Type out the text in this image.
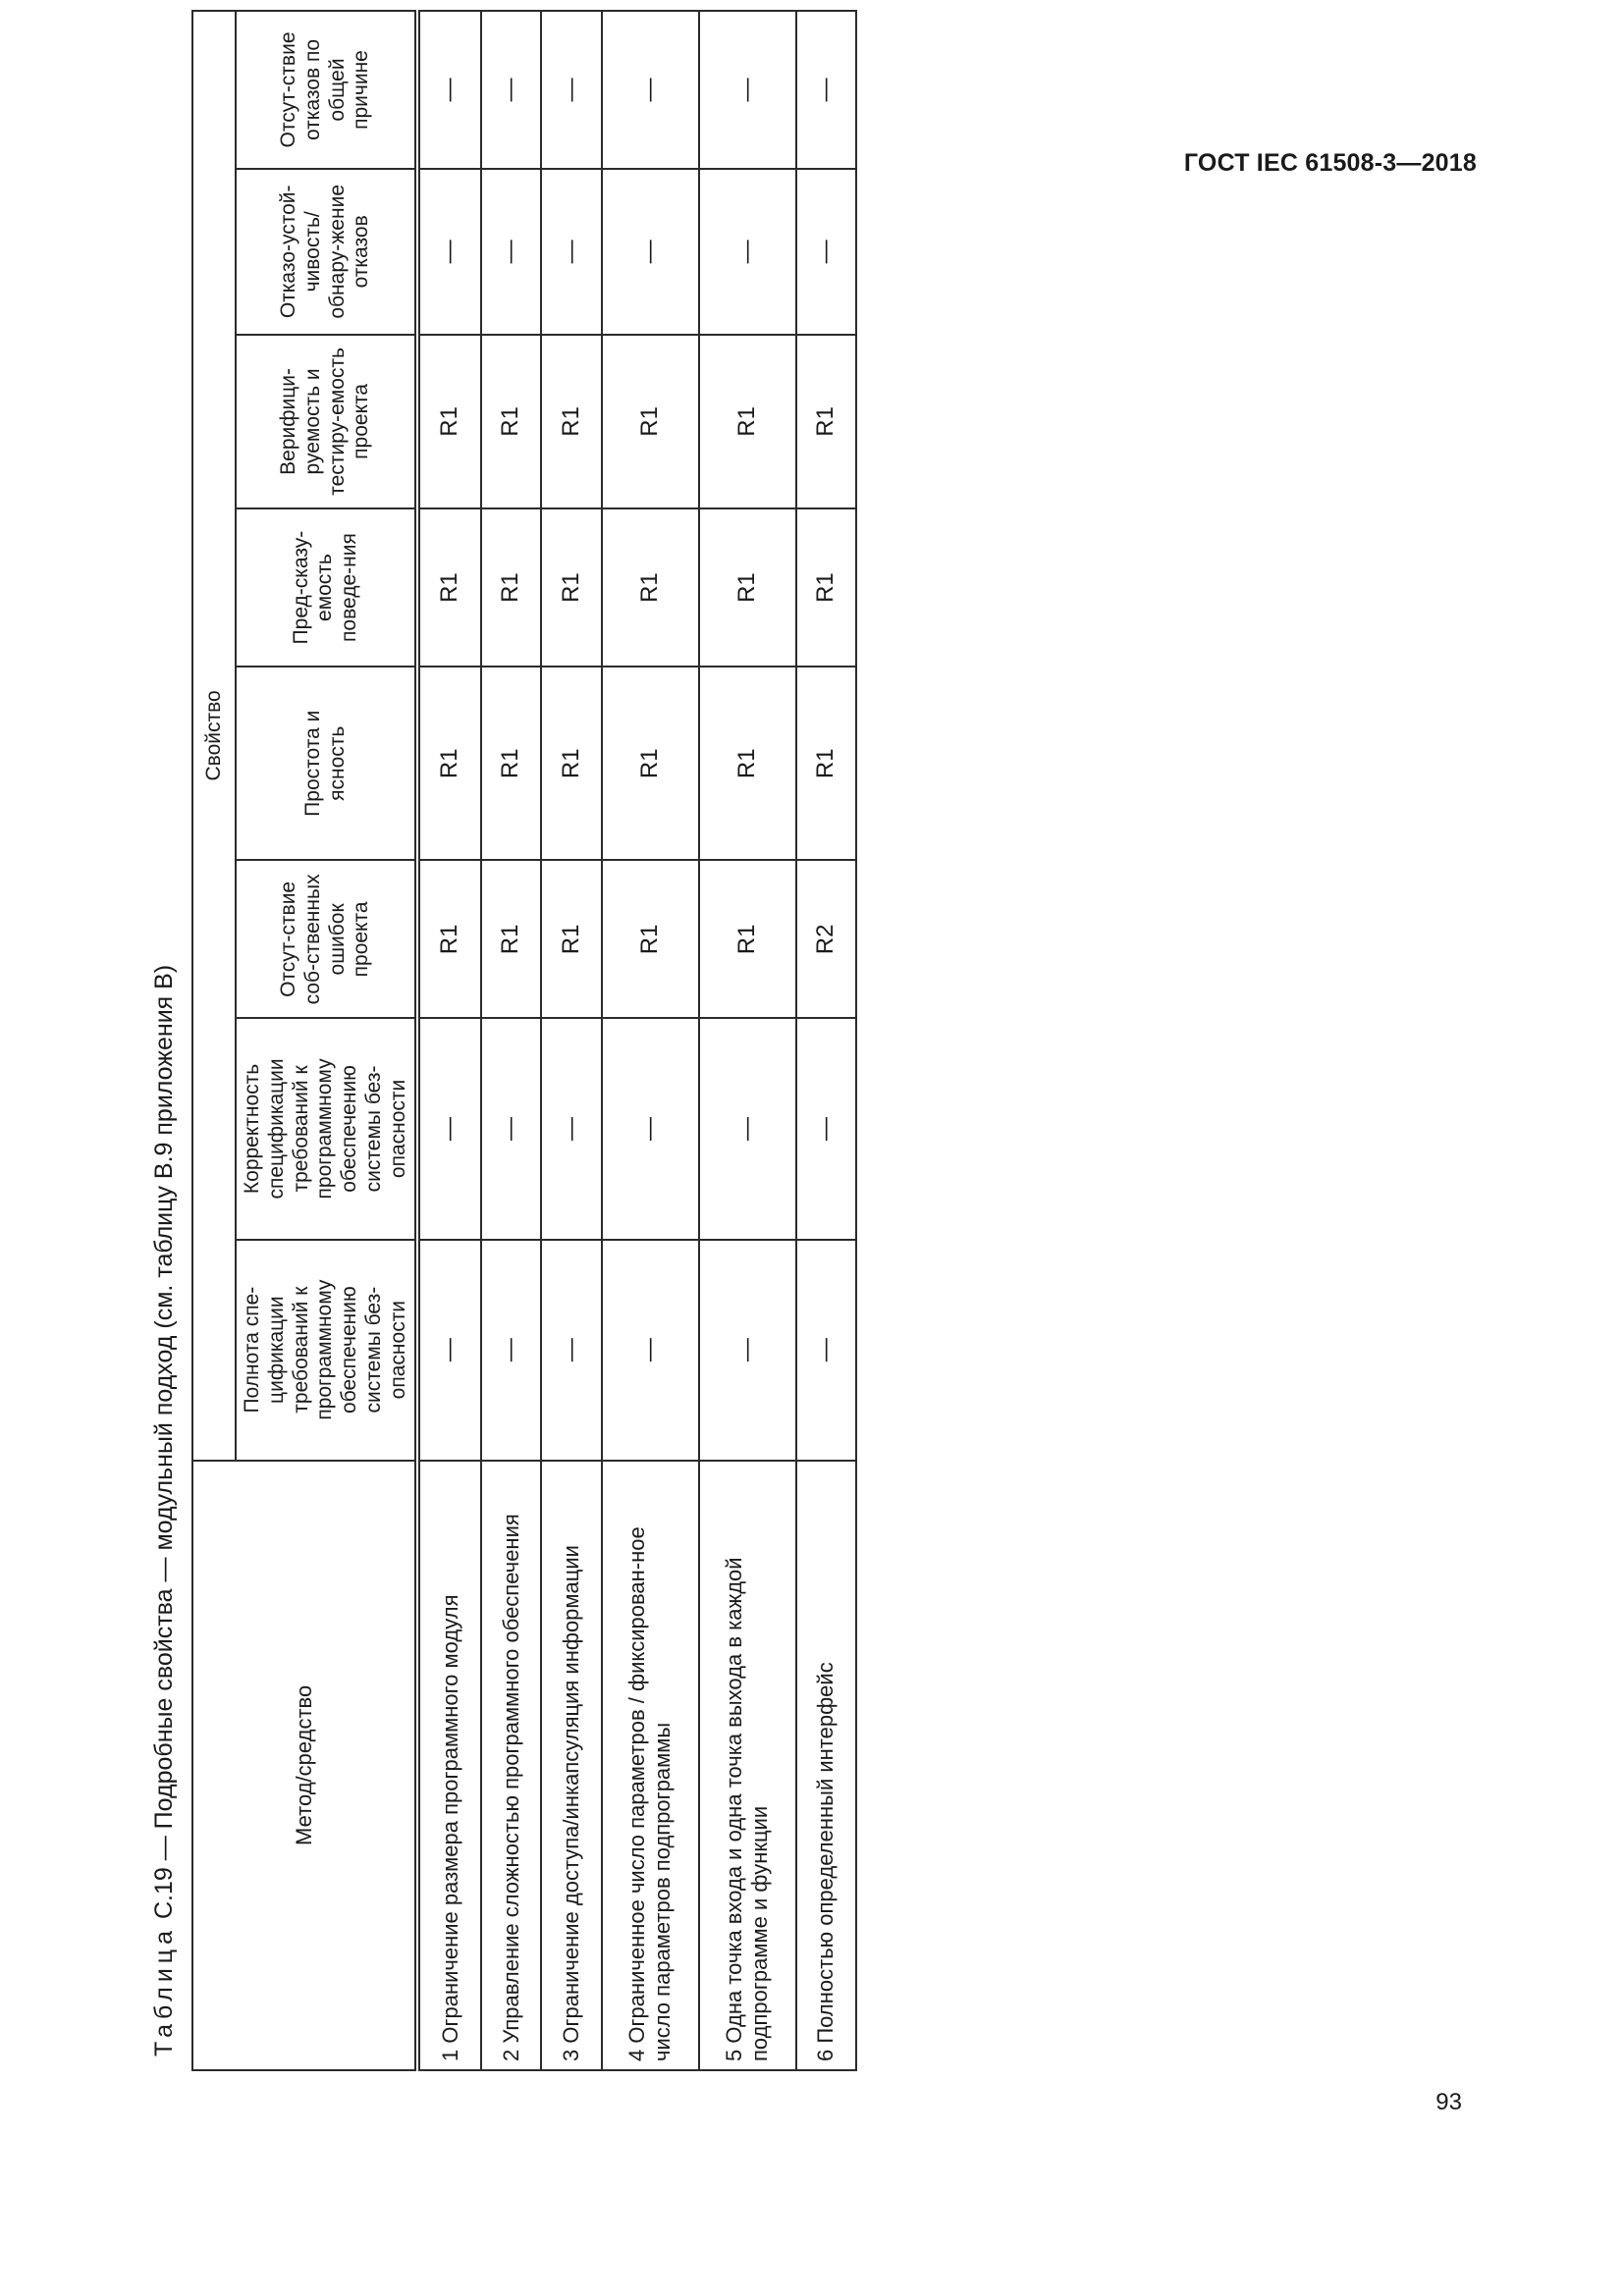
ГОСТ IEC 61508-3—2018
Таблица С.19 — Подробные свойства — модульный подход (см. таблицу В.9 приложения В)	Метод/средство	Свойство							
	Полнота спе-цификации требований к программному обеспечению системы без-опасности	Корректность спецификации требований к программному обеспечению системы без-опасности	Отсут-ствие соб-ственных ошибок проекта	Простота и ясность	Пред-сказу-емость поведе-ния	Верифици-руемость и тестиру-емость проекта	Отказо-устой-чивость/ обнару-жение отказов	Отсут-ствие отказов по общей причине
1 Ограничение размера программного модуля	—	—	R1	R1	R1	R1	—	—
2 Управление сложностью программного обеспечения	—	—	R1	R1	R1	R1	—	—
3 Ограничение доступа/инкапсуляция информации	—	—	R1	R1	R1	R1	—	—
4 Ограниченное число параметров / фиксирован-ное число параметров подпрограммы	—	—	R1	R1	R1	R1	—	—
5 Одна точка входа и одна точка выхода в каждой подпрограмме и функции	—	—	R1	R1	R1	R1	—	—
6 Полностью определенный интерфейс	—	—	R2	R1	R1	R1	—	—
93
